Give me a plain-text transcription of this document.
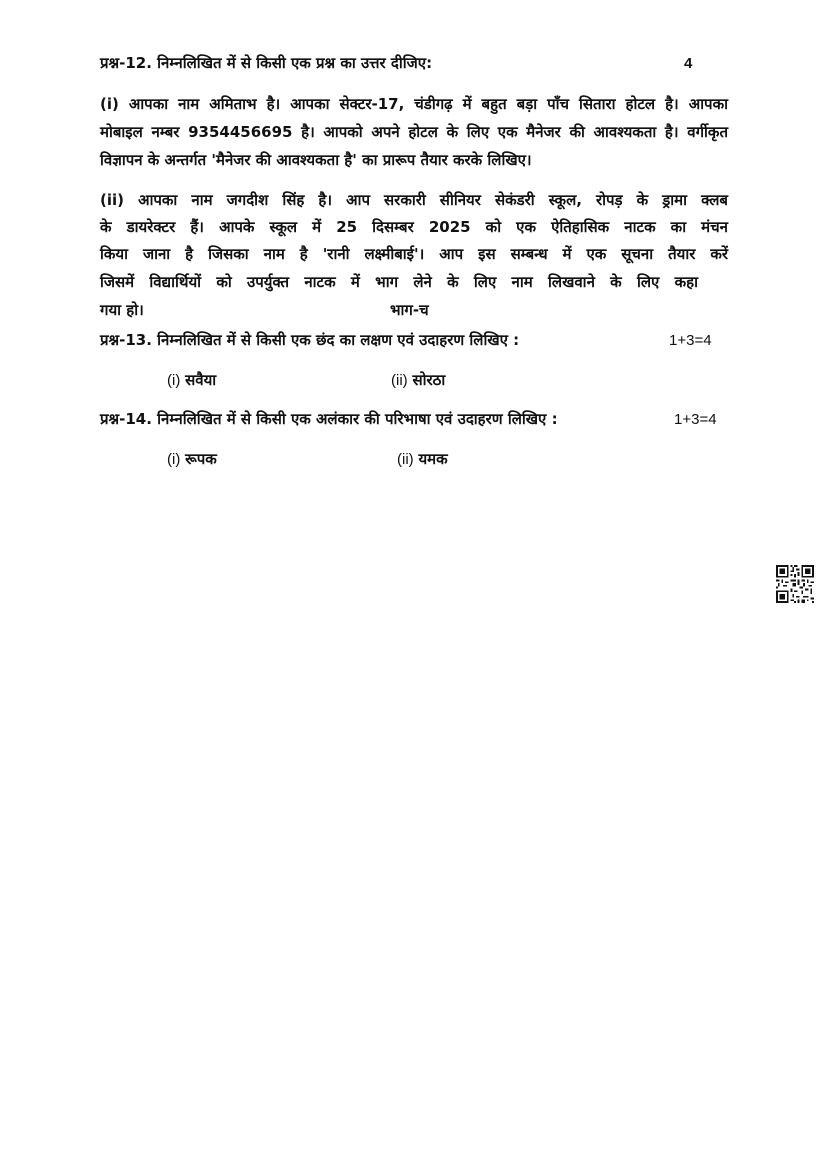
प्रश्न-12. निम्नलिखित में से किसी एक प्रश्न का उत्तर दीजिए:	4
(i) आपका नाम अमिताभ है। आपका सेक्टर-17, चंडीगढ़ में बहुत बड़ा पाँच सितारा होटल है। आपका
मोबाइल नम्बर 9354456695 है। आपको अपने होटल के लिए एक मैनेजर की आवश्यकता है। वर्गीकृत
विज्ञापन के अन्तर्गत 'मैनेजर की आवश्यकता है' का प्रारूप तैयार करके लिखिए।
(ii) आपका नाम जगदीश सिंह है। आप सरकारी सीनियर सेकंडरी स्कूल, रोपड़ के ड्रामा क्लब
के डायरेक्टर हैं। आपके स्कूल में 25 दिसम्बर 2025 को एक ऐतिहासिक नाटक का मंचन
किया जाना है जिसका नाम है 'रानी लक्ष्मीबाई'। आप इस सम्बन्ध में एक सूचना तैयार करें
जिसमें विद्यार्थियों को उपर्युक्त नाटक में भाग लेने के लिए नाम लिखवाने के लिए कहा
गया हो।	भाग-च
प्रश्न-13. निम्नलिखित में से किसी एक छंद का लक्षण एवं उदाहरण लिखिए :	1+3=4
(i) सवैया	(ii) सोरठा
प्रश्न-14. निम्नलिखित में से किसी एक अलंकार की परिभाषा एवं उदाहरण लिखिए :	1+3=4
(i) रूपक	(ii) यमक
